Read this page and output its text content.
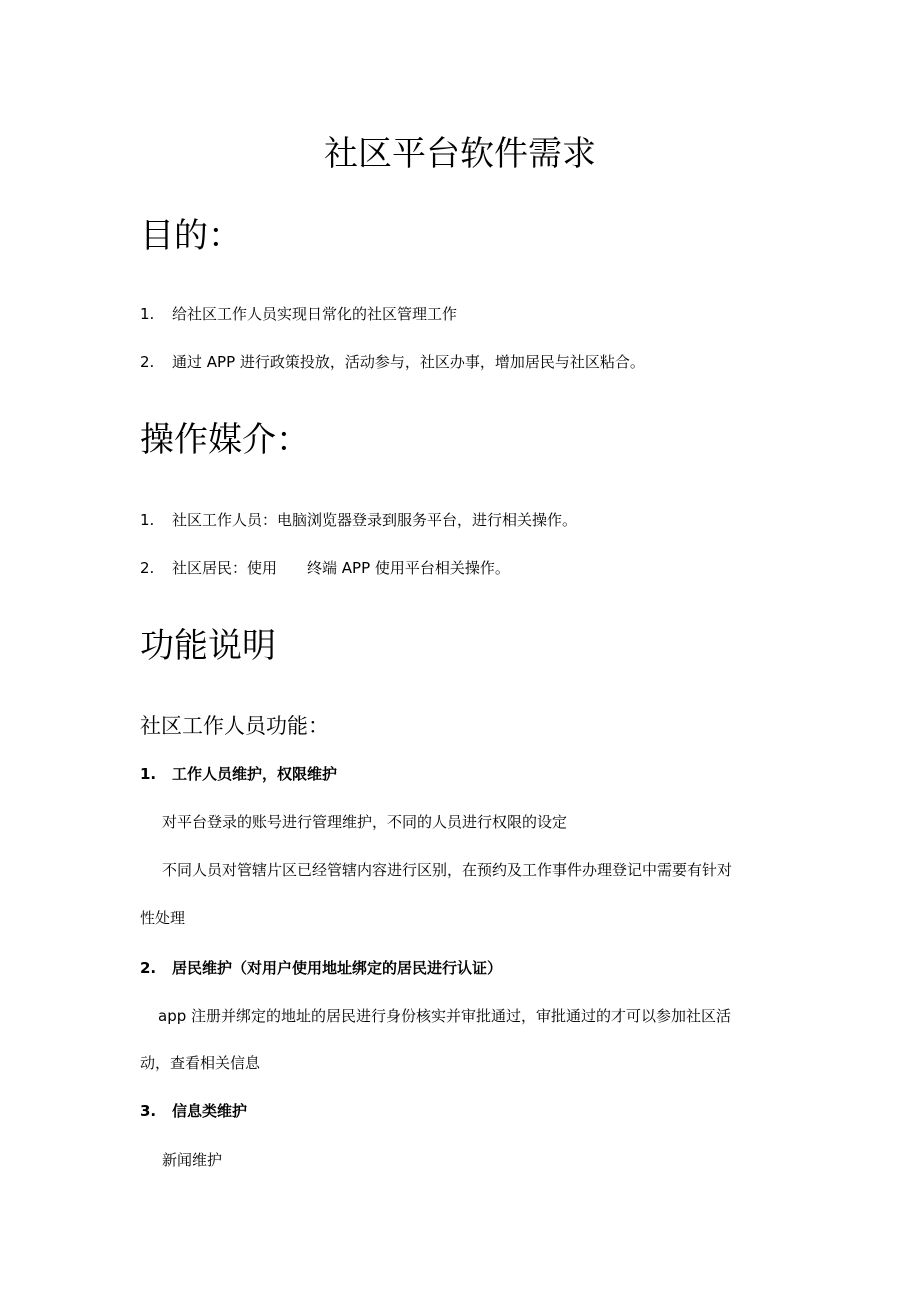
社区平台软件需求
目的：
1. 给社区工作人员实现日常化的社区管理工作
2. 通过 APP 进行政策投放，活动参与，社区办事，增加居民与社区粘合。
操作媒介：
1. 社区工作人员：电脑浏览器登录到服务平台，进行相关操作。
2. 社区居民：使用 终端 APP 使用平台相关操作。
功能说明
社区工作人员功能：
1. 工作人员维护，权限维护
对平台登录的账号进行管理维护，不同的人员进行权限的设定
不同人员对管辖片区已经管辖内容进行区别，在预约及工作事件办理登记中需要有针对
性处理
2. 居民维护（对用户使用地址绑定的居民进行认证）
app 注册并绑定的地址的居民进行身份核实并审批通过，审批通过的才可以参加社区活
动，查看相关信息
3. 信息类维护
新闻维护
